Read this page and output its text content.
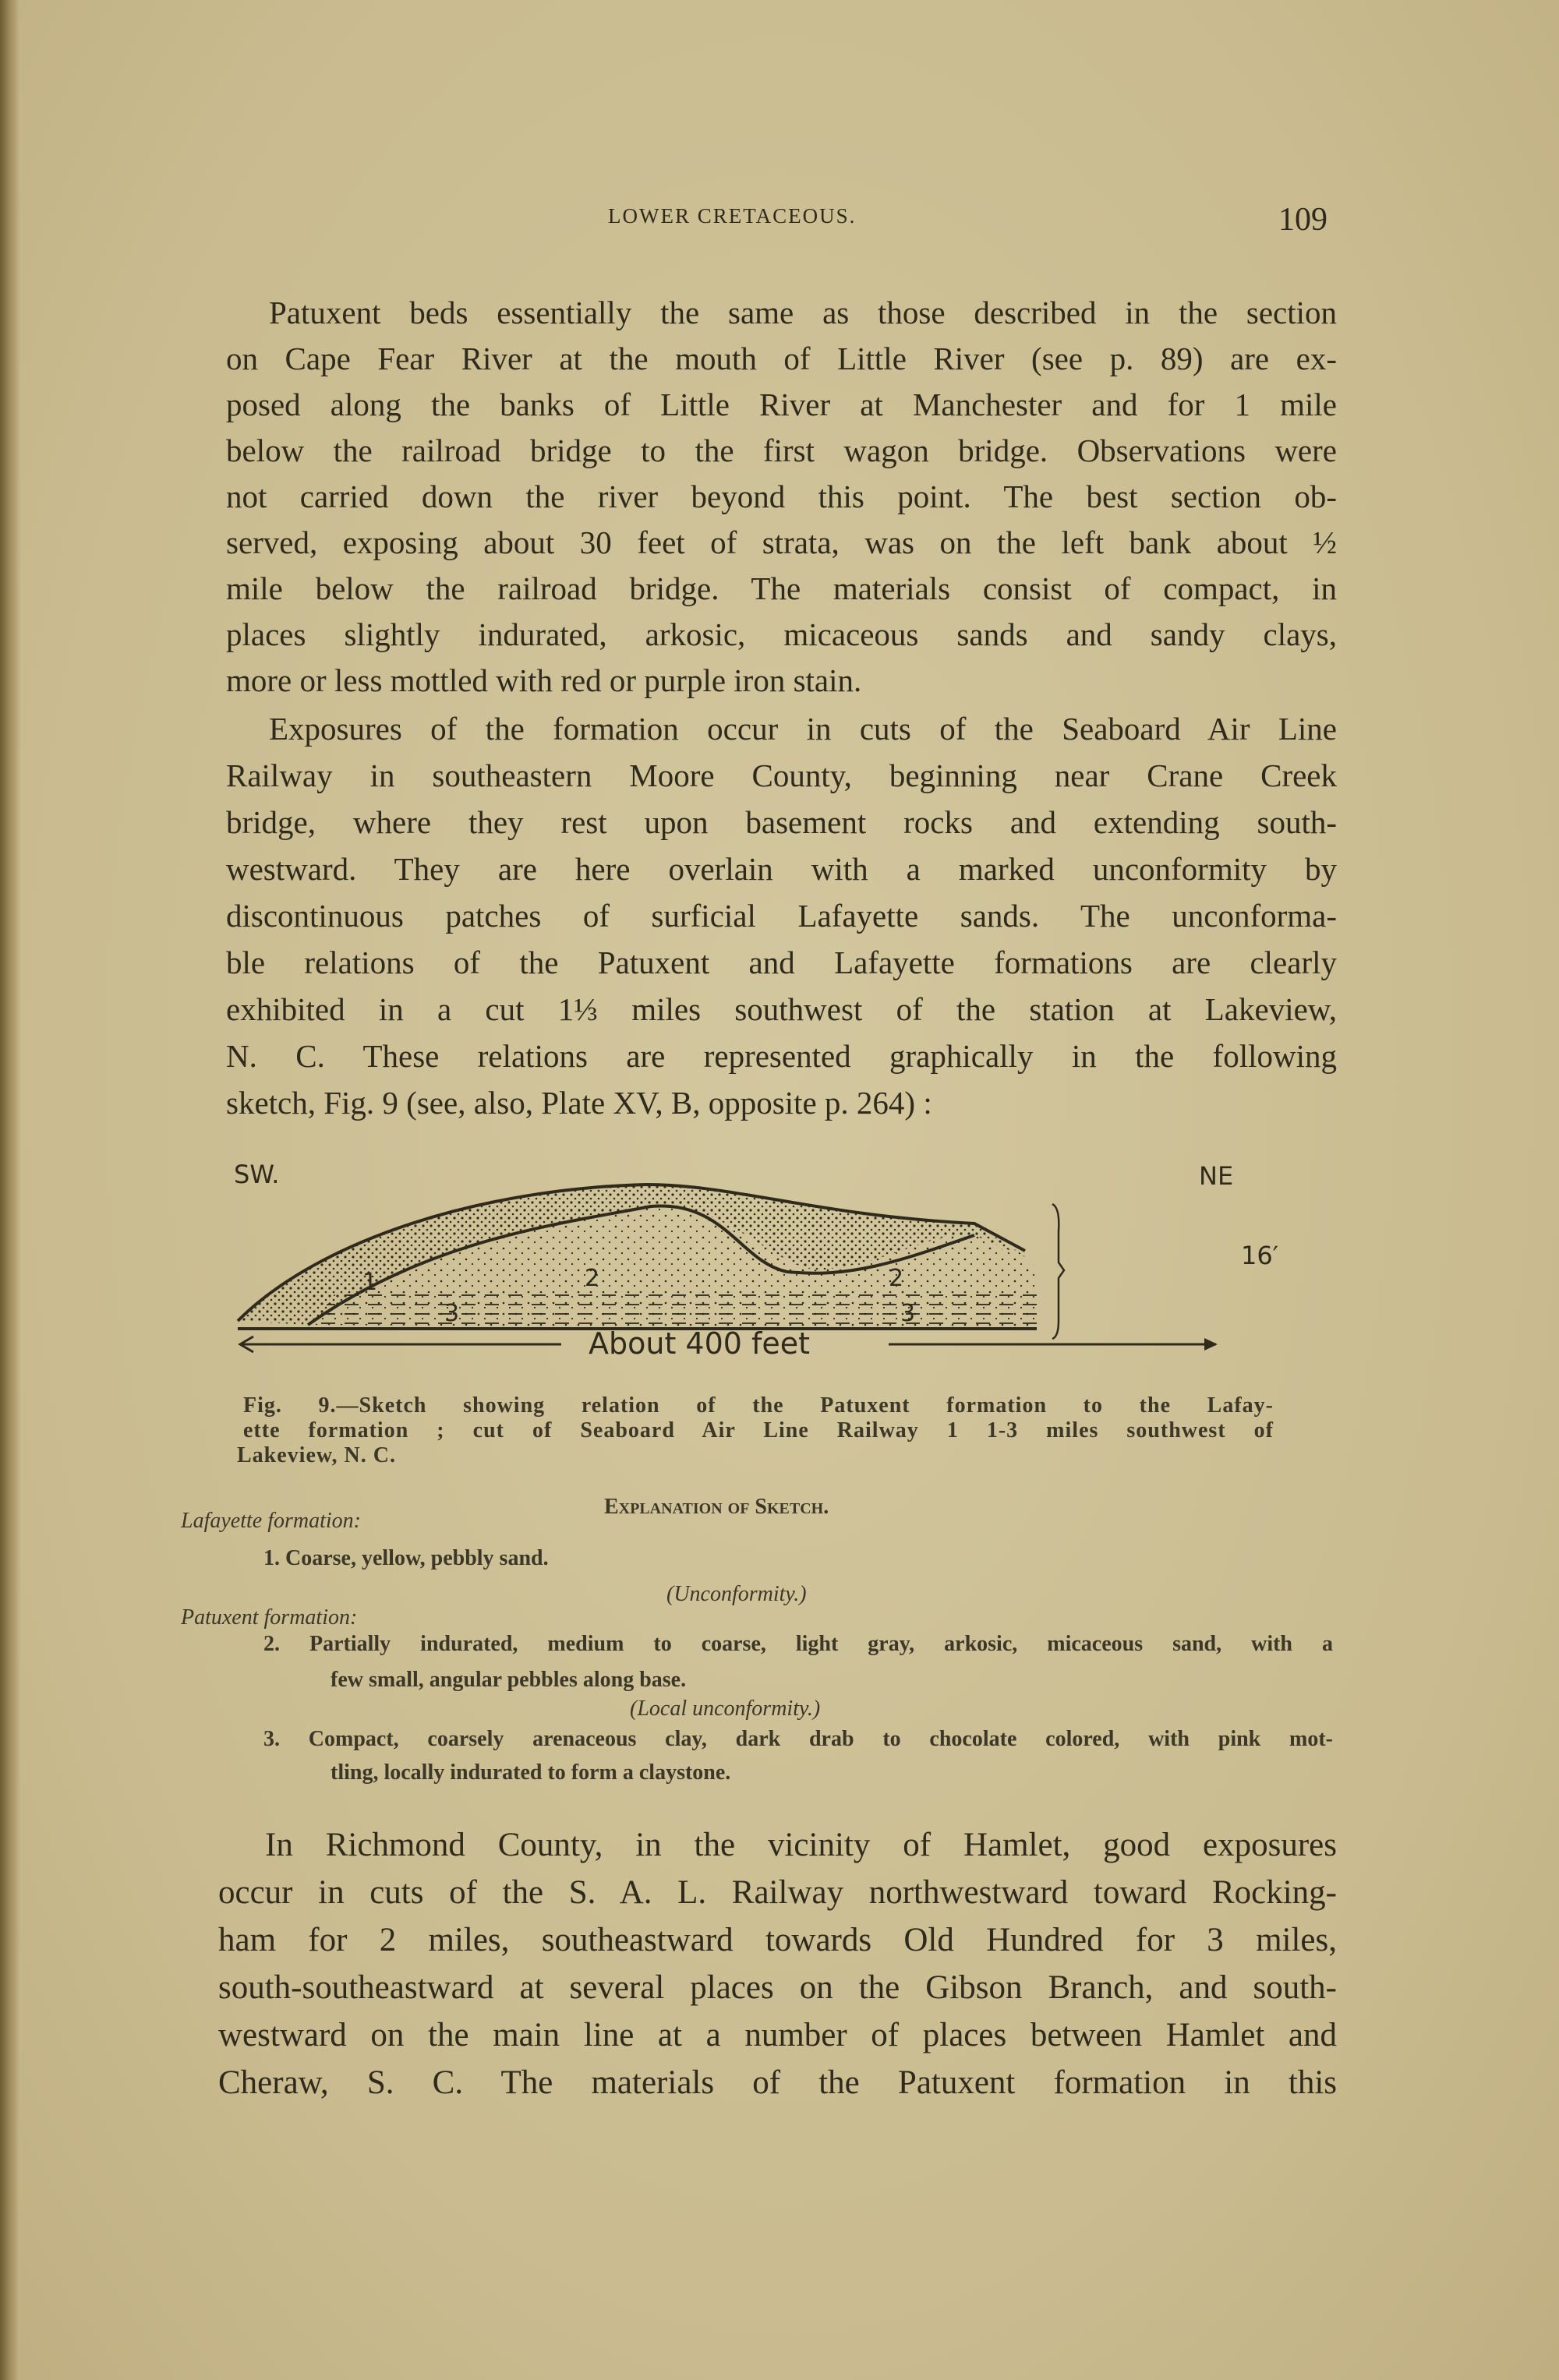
LOWER CRETACEOUS.	109
Patuxent beds essentially the same as those described in the section
on Cape Fear River at the mouth of Little River (see p. 89) are ex-
posed along the banks of Little River at Manchester and for 1 mile
below the railroad bridge to the first wagon bridge. Observations were
not carried down the river beyond this point. The best section ob-
served, exposing about 30 feet of strata, was on the left bank about ½
mile below the railroad bridge. The materials consist of compact, in
places slightly indurated, arkosic, micaceous sands and sandy clays,
more or less mottled with red or purple iron stain.
Exposures of the formation occur in cuts of the Seaboard Air Line
Railway in southeastern Moore County, beginning near Crane Creek
bridge, where they rest upon basement rocks and extending south-
westward. They are here overlain with a marked unconformity by
discontinuous patches of surficial Lafayette sands. The unconforma-
ble relations of the Patuxent and Lafayette formations are clearly
exhibited in a cut 1⅓ miles southwest of the station at Lakeview,
N. C. These relations are represented graphically in the following
sketch, Fig. 9 (see, also, Plate XV, B, opposite p. 264) :
SW.	NE
16′
1	2	2
3	3
About 400 feet
Fig. 9.—Sketch showing relation of the Patuxent formation to the Lafay-
ette formation ; cut of Seaboard Air Line Railway 1 1-3 miles southwest of
Lakeview, N. C.
Explanation of Sketch.
Lafayette formation:
1. Coarse, yellow, pebbly sand.
(Unconformity.)
Patuxent formation:
2. Partially indurated, medium to coarse, light gray, arkosic, micaceous sand, with a
few small, angular pebbles along base.
(Local unconformity.)
3. Compact, coarsely arenaceous clay, dark drab to chocolate colored, with pink mot-
tling, locally indurated to form a claystone.
In Richmond County, in the vicinity of Hamlet, good exposures
occur in cuts of the S. A. L. Railway northwestward toward Rocking-
ham for 2 miles, southeastward towards Old Hundred for 3 miles,
south-southeastward at several places on the Gibson Branch, and south-
westward on the main line at a number of places between Hamlet and
Cheraw, S. C. The materials of the Patuxent formation in this
